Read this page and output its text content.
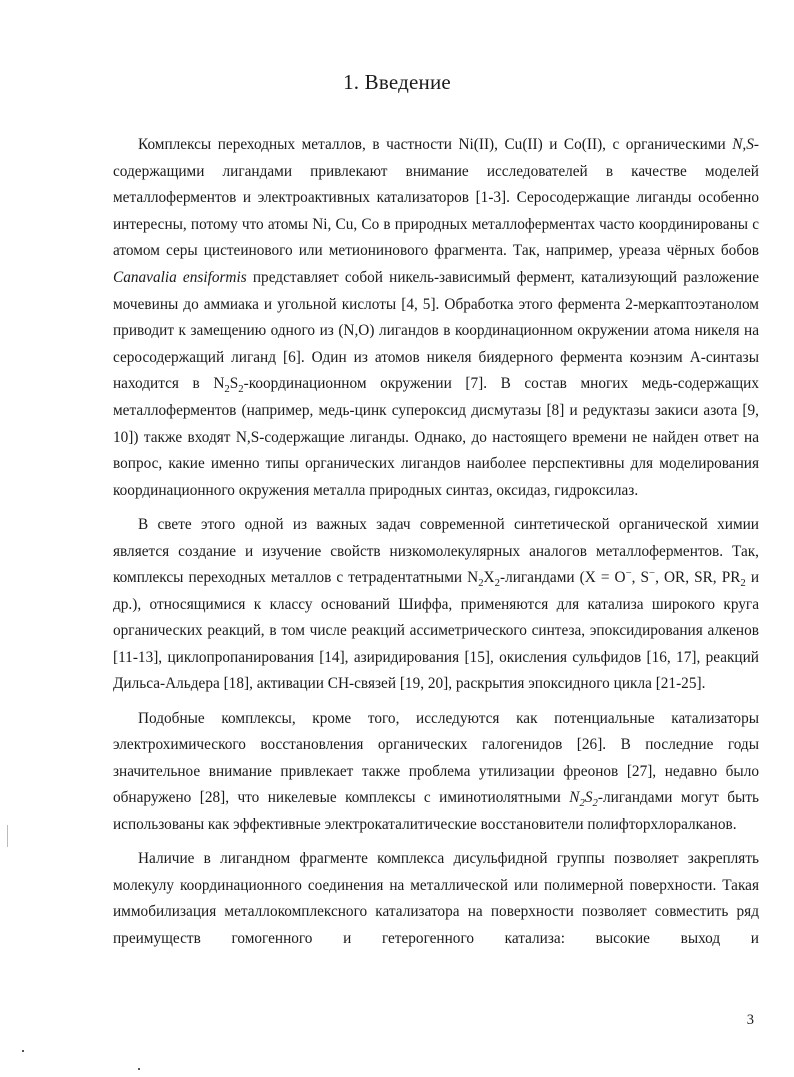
1. Введение

Комплексы переходных металлов, в частности Ni(II), Cu(II) и Co(II), с органическими N,S-содержащими лигандами привлекают внимание исследователей в качестве моделей металлоферментов и электроактивных катализаторов [1-3]. Серосодержащие лиганды особенно интересны, потому что атомы Ni, Cu, Co в природных металлоферментах часто координированы с атомом серы цистеинового или метионинового фрагмента. Так, например, уреаза чёрных бобов Canavalia ensiformis представляет собой никель-зависимый фермент, катализующий разложение мочевины до аммиака и угольной кислоты [4, 5]. Обработка этого фермента 2-меркаптоэтанолом приводит к замещению одного из (N,O) лигандов в координационном окружении атома никеля на серосодержащий лиганд [6]. Один из атомов никеля биядерного фермента коэнзим А-синтазы находится в $N_2S_2$-координационном окружении [7]. В состав многих медь-содержащих металлоферментов (например, медь-цинк супероксид дисмутазы [8] и редуктазы закиси азота [9, 10]) также входят N,S-содержащие лиганды. Однако, до настоящего времени не найден ответ на вопрос, какие именно типы органических лигандов наиболее перспективны для моделирования координационного окружения металла природных синтаз, оксидаз, гидроксилаз.

В свете этого одной из важных задач современной синтетической органической химии является создание и изучение свойств низкомолекулярных аналогов металлоферментов. Так, комплексы переходных металлов с тетрадентатными $N_2X_2$-лигандами (X = O−, S−, OR, SR, $PR_2$ и др.), относящимися к классу оснований Шиффа, применяются для катализа широкого круга органических реакций, в том числе реакций ассиметрического синтеза, эпоксидирования алкенов [11-13], циклопропанирования [14], азиридирования [15], окисления сульфидов [16, 17], реакций Дильса-Альдера [18], активации CH-связей [19, 20], раскрытия эпоксидного цикла [21-25].

Подобные комплексы, кроме того, исследуются как потенциальные катализаторы электрохимического восстановления органических галогенидов [26]. В последние годы значительное внимание привлекает также проблема утилизации фреонов [27], недавно было обнаружено [28], что никелевые комплексы с иминотиолятными $N_2S_2$-лигандами могут быть использованы как эффективные электрокаталитические восстановители полифторхлоралканов.

Наличие в лигандном фрагменте комплекса дисульфидной группы позволяет закреплять молекулу координационного соединения на металлической или полимерной поверхности. Такая иммобилизация металлокомплексного катализатора на поверхности позволяет совместить ряд преимуществ гомогенного и гетерогенного катализа: высокие выход и

3
